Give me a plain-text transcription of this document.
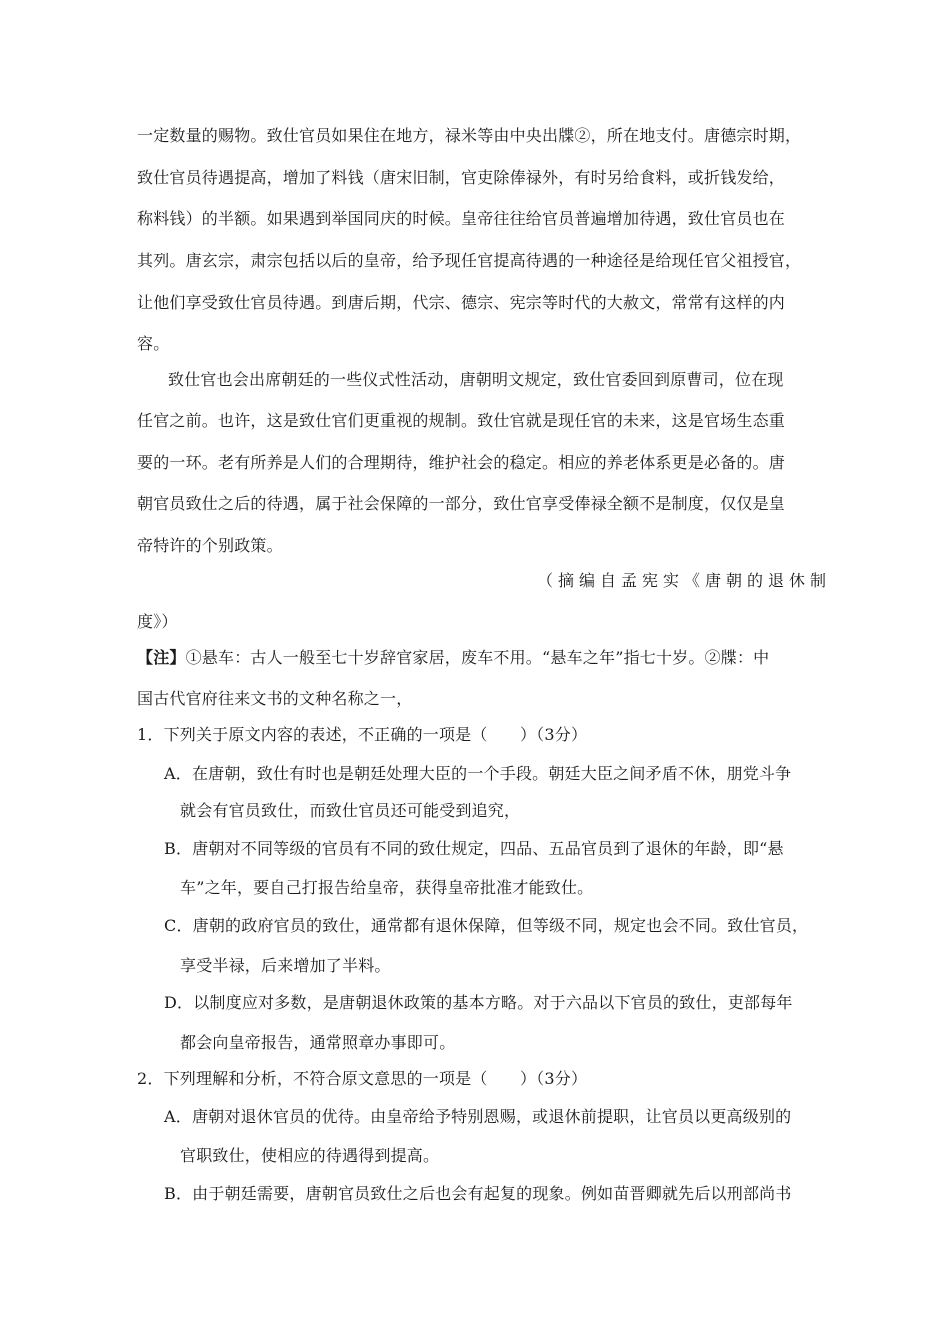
一定数量的赐物。致仕官员如果住在地方，禄米等由中央出牒②，所在地支付。唐德宗时期，
致仕官员待遇提高，增加了料钱（唐宋旧制，官吏除俸禄外，有时另给食料，或折钱发给，
称料钱）的半额。如果遇到举国同庆的时候。皇帝往往给官员普遍增加待遇，致仕官员也在
其列。唐玄宗，肃宗包括以后的皇帝，给予现任官提高待遇的一种途径是给现任官父祖授官，
让他们享受致仕官员待遇。到唐后期，代宗、德宗、宪宗等时代的大赦文，常常有这样的内
容。
致仕官也会出席朝廷的一些仪式性活动，唐朝明文规定，致仕官委回到原曹司，位在现
任官之前。也许，这是致仕官们更重视的规制。致仕官就是现任官的未来，这是官场生态重
要的一环。老有所养是人们的合理期待，维护社会的稳定。相应的养老体系更是必备的。唐
朝官员致仕之后的待遇，属于社会保障的一部分，致仕官享受俸禄全额不是制度，仅仅是皇
帝特许的个别政策。
（摘编自孟宪实《唐朝的退休制
度》）
【注】①悬车：古人一般至七十岁辞官家居，废车不用。“悬车之年”指七十岁。②牒：中
国古代官府往来文书的文种名称之一，
1．下列关于原文内容的表述，不正确的一项是（　　）（3分）
A．在唐朝，致仕有时也是朝廷处理大臣的一个手段。朝廷大臣之间矛盾不休，朋党斗争
就会有官员致仕，而致仕官员还可能受到追究，
B．唐朝对不同等级的官员有不同的致仕规定，四品、五品官员到了退休的年龄，即“悬
车”之年，要自己打报告给皇帝，获得皇帝批准才能致仕。
C．唐朝的政府官员的致仕，通常都有退休保障，但等级不同，规定也会不同。致仕官员，
享受半禄，后来增加了半料。
D．以制度应对多数，是唐朝退休政策的基本方略。对于六品以下官员的致仕，吏部每年
都会向皇帝报告，通常照章办事即可。
2．下列理解和分析，不符合原文意思的一项是（　　）（3分）
A．唐朝对退休官员的优待。由皇帝给予特别恩赐，或退休前提职，让官员以更高级别的
官职致仕，使相应的待遇得到提高。
B．由于朝廷需要，唐朝官员致仕之后也会有起复的现象。例如苗晋卿就先后以刑部尚书
